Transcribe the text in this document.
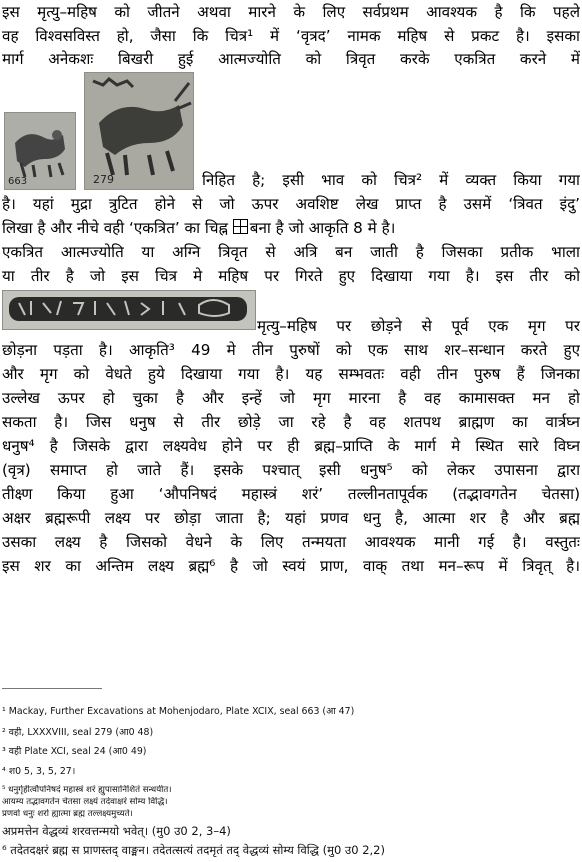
इस मृत्यु–महिष को जीतने अथवा मारने के लिए सर्वप्रथम आवश्यक है कि पहले
वह विश्वसविस्त हो, जैसा कि चित्र¹ में ‘वृत्रद’ नामक महिष से प्रकट है। इसका
मार्ग अनेकशः बिखरी हुई आत्मज्योति को त्रिवृत करके एकत्रित करने में
663	279	निहित है; इसी भाव को चित्र² में व्यक्त किया गया
है। यहां मुद्रा त्रुटित होने से जो ऊपर अवशिष्ट लेख प्राप्त है उसमें ‘त्रिवत इंदु’
लिखा है और नीचे वही ‘एकत्रित’ का चिह्न बना है जो आकृति 8 मे है।
एकत्रित आत्मज्योति या अग्नि त्रिवृत से अत्रि बन जाती है जिसका प्रतीक भाला
या तीर है जो इस चित्र मे महिष पर गिरते हुए दिखाया गया है। इस तीर को
मृत्यु–महिष पर छोड़ने से पूर्व एक मृग पर
छोड़ना पड़ता है। आकृति³ 49 मे तीन पुरुषों को एक साथ शर–सन्धान करते हुए
और मृग को वेधते हुये दिखाया गया है। यह सम्भवतः वही तीन पुरुष हैं जिनका
उल्लेख ऊपर हो चुका है और इन्हें जो मृग मारना है वह कामासक्त मन हो
सकता है। जिस धनुष से तीर छोड़े जा रहे है वह शतपथ ब्राह्मण का वार्त्रघ्न
धनुष⁴ है जिसके द्वारा लक्ष्यवेध होने पर ही ब्रह्म–प्राप्ति के मार्ग मे स्थित सारे विघ्न
(वृत्र) समाप्त हो जाते हैं। इसके पश्चात् इसी धनुष⁵ को लेकर उपासना द्वारा
तीक्ष्ण किया हुआ ‘औपनिषदं महास्त्रं शरं’ तल्लीनतापूर्वक (तद्भावगतेन चेतसा)
अक्षर ब्रह्मरूपी लक्ष्य पर छोड़ा जाता है; यहां प्रणव धनु है, आत्मा शर है और ब्रह्म
उसका लक्ष्य है जिसको वेधने के लिए तन्मयता आवश्यक मानी गई है। वस्तुतः
इस शर का अन्तिम लक्ष्य ब्रह्म⁶ है जो स्वयं प्राण, वाक् तथा मन–रूप में त्रिवृत् है।
¹ Mackay, Further Excavations at Mohenjodaro, Plate XCIX, seal 663 (आ 47)
² वही, LXXXVIII, seal 279 (आ0 48)
³ वही Plate XCI, seal 24 (आ0 49)
⁴ श0 5, 3, 5, 27।
⁵ धनुर्गृहीत्वौपनिषदं महास्त्रं शरं ह्युपासानिशितं सन्धयीत।
आयम्य तद्भावगतेन चेतसा लक्ष्यं तदेवाक्षरं सोम्य विद्धि।
प्रणवो धनुः शरो ह्यात्मा ब्रह्म तल्लक्ष्यमुच्यते।
अप्रमत्तेन वेद्धव्यं शरवत्तन्मयो भवेत्। (मु0 उ0 2, 3–4)
⁶ तदेतदक्षरं ब्रह्म स प्राणस्तद् वाङ्मन। तदेतत्सत्यं तदमृतं तद् वेद्धव्यं सोम्य विद्धि (मु0 उ0 2,2)
